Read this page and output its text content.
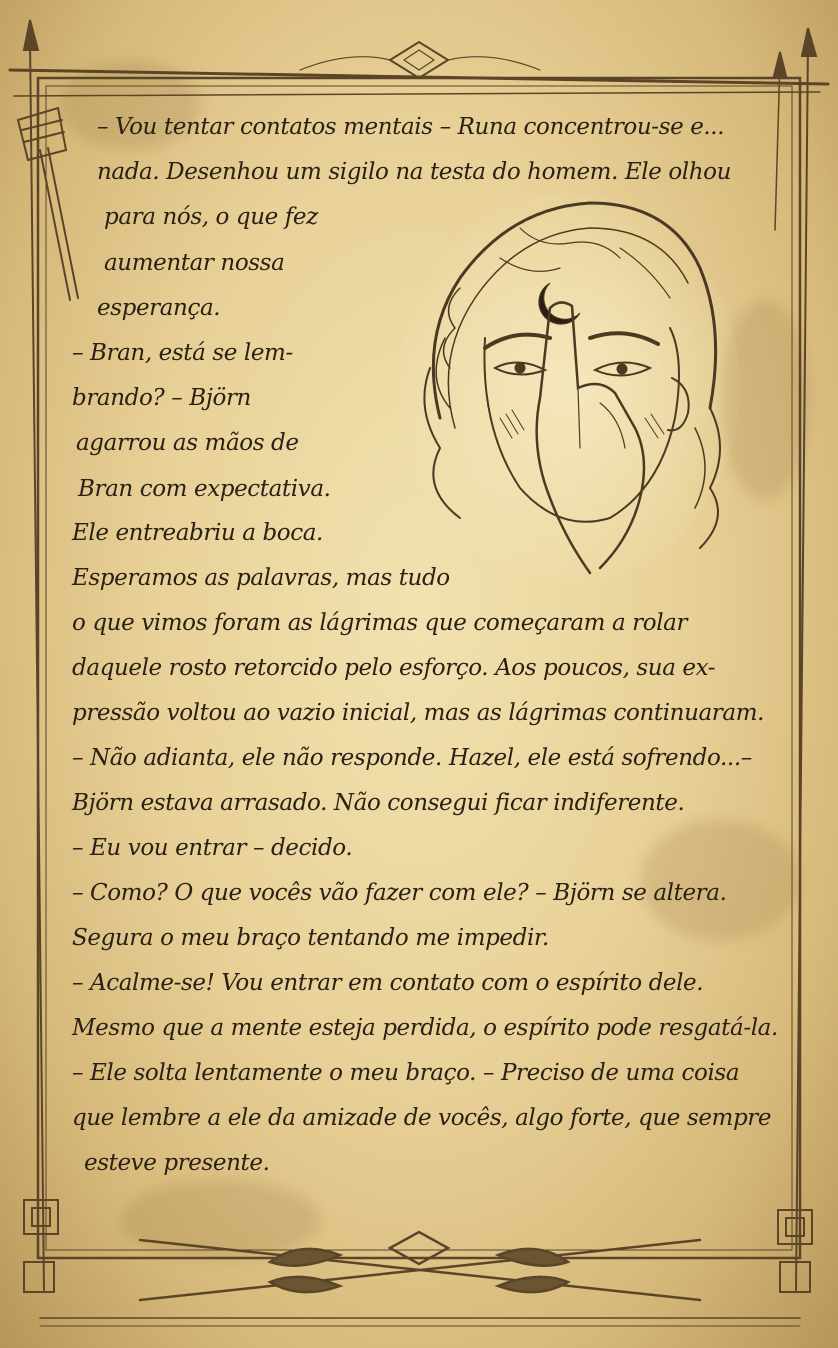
– Vou tentar contatos mentais – Runa concentrou-se e...
nada. Desenhou um sigilo na testa do homem. Ele olhou
para nós, o que fez
aumentar nossa
esperança.
– Bran, está se lem-
brando? – Björn
agarrou as mãos de
Bran com expectativa.
Ele entreabriu a boca.
Esperamos as palavras, mas tudo
o que vimos foram as lágrimas que começaram a rolar
daquele rosto retorcido pelo esforço. Aos poucos, sua ex-
pressão voltou ao vazio inicial, mas as lágrimas continuaram.
– Não adianta, ele não responde. Hazel, ele está sofrendo...–
Björn estava arrasado. Não consegui ficar indiferente.
– Eu vou entrar – decido.
– Como? O que vocês vão fazer com ele? – Björn se altera.
Segura o meu braço tentando me impedir.
– Acalme-se! Vou entrar em contato com o espírito dele.
Mesmo que a mente esteja perdida, o espírito pode resgatá-la.
– Ele solta lentamente o meu braço. – Preciso de uma coisa
que lembre a ele da amizade de vocês, algo forte, que sempre
esteve presente.
